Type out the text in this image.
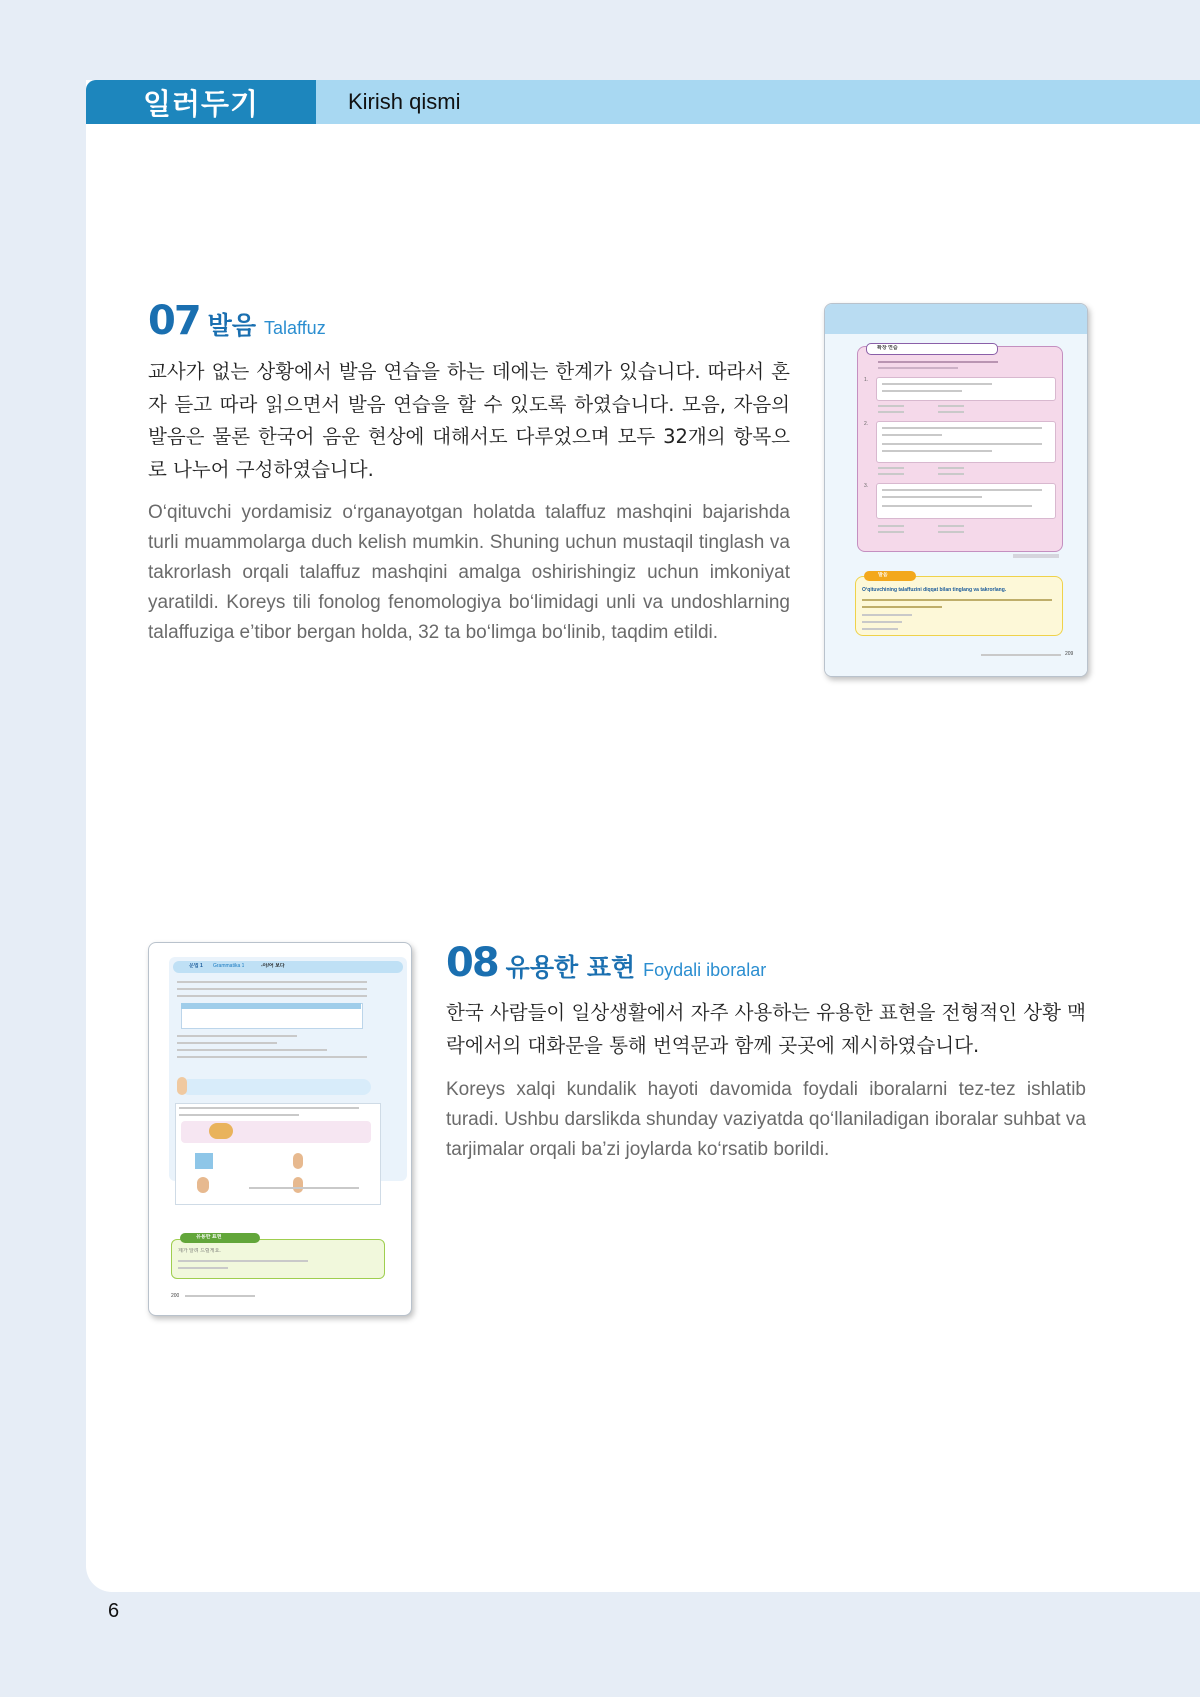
일러두기	Kirish qismi
07 발음 Talaffuz

교사가 없는 상황에서 발음 연습을 하는 데에는 한계가 있습니다. 따라서 혼자 듣고 따라 읽으면서 발음 연습을 할 수 있도록 하였습니다. 모음, 자음의 발음은 물론 한국어 음운 현상에 대해서도 다루었으며 모두 32개의 항목으로 나누어 구성하였습니다.

O‘qituvchi yordamisiz o‘rganayotgan holatda talaffuz mashqini bajarishda turli muammolarga duch kelish mumkin. Shuning uchun mustaqil tinglash va takrorlash orqali talaffuz mashqini amalga oshirishingiz uchun imkoniyat yaratildi. Koreys tili fonolog fenomologiya bo‘limidagi unli va undoshlarning talaffuziga e’tibor bergan holda, 32 ta bo‘limga bo‘linib, taqdim etildi.

확장 연습
1.
2.
3.
발음
O‘qituvchining talaffuzini diqqat bilan tinglang va takrorlang.
209
문법 1 Grammatika 1	-아/어 보다
유용한 표현
제가 알려 드릴게요.
200
08 유용한 표현 Foydali iboralar

한국 사람들이 일상생활에서 자주 사용하는 유용한 표현을 전형적인 상황 맥락에서의 대화문을 통해 번역문과 함께 곳곳에 제시하였습니다.

Koreys xalqi kundalik hayoti davomida foydali iboralarni tez-tez ishlatib turadi. Ushbu darslikda shunday vaziyatda qo‘llaniladigan iboralar suhbat va tarjimalar orqali ba’zi joylarda ko‘rsatib borildi.

6
